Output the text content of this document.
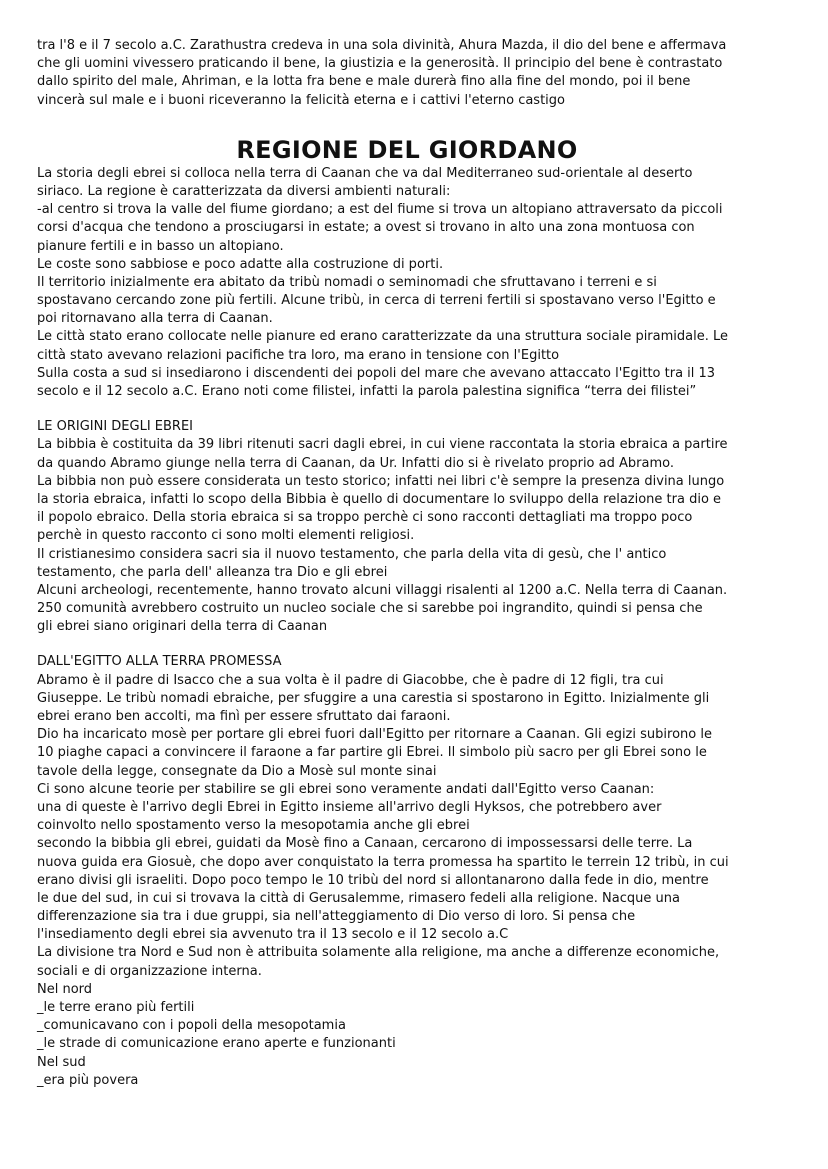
tra l'8 e il 7 secolo a.C. Zarathustra credeva in una sola divinità, Ahura Mazda, il dio del bene e affermava
che gli uomini vivessero praticando il bene, la giustizia e la generosità. Il principio del bene è contrastato
dallo spirito del male, Ahriman, e la lotta fra bene e male durerà fino alla fine del mondo, poi il bene
vincerà sul male e i buoni riceveranno la felicità eterna e i cattivi l'eterno castigo
REGIONE DEL GIORDANO
La storia degli ebrei si colloca nella terra di Caanan che va dal Mediterraneo sud-orientale al deserto
siriaco. La regione è caratterizzata da diversi ambienti naturali:
-al centro si trova la valle del fiume giordano; a est del fiume si trova un altopiano attraversato da piccoli
corsi d'acqua che tendono a prosciugarsi in estate; a ovest si trovano in alto una zona montuosa con
pianure fertili e in basso un altopiano.
Le coste sono sabbiose e poco adatte alla costruzione di porti.
Il territorio inizialmente era abitato da tribù nomadi o seminomadi che sfruttavano i terreni e si
spostavano cercando zone più fertili. Alcune tribù, in cerca di terreni fertili si spostavano verso l'Egitto e
poi ritornavano alla terra di Caanan.
Le città stato erano collocate nelle pianure ed erano caratterizzate da una struttura sociale piramidale. Le
città stato avevano relazioni pacifiche tra loro, ma erano in tensione con l'Egitto
Sulla costa a sud si insediarono i discendenti dei popoli del mare che avevano attaccato l'Egitto tra il 13
secolo e il 12 secolo a.C. Erano noti come filistei, infatti la parola palestina significa “terra dei filistei”
LE ORIGINI DEGLI EBREI
La bibbia è costituita da 39 libri ritenuti sacri dagli ebrei, in cui viene raccontata la storia ebraica a partire
da quando Abramo giunge nella terra di Caanan, da Ur. Infatti dio si è rivelato proprio ad Abramo.
La bibbia non può essere considerata un testo storico; infatti nei libri c'è sempre la presenza divina lungo
la storia ebraica, infatti lo scopo della Bibbia è quello di documentare lo sviluppo della relazione tra dio e
il popolo ebraico. Della storia ebraica si sa troppo perchè ci sono racconti dettagliati ma troppo poco
perchè in questo racconto ci sono molti elementi religiosi.
Il cristianesimo considera sacri sia il nuovo testamento, che parla della vita di gesù, che l' antico
testamento, che parla dell' alleanza tra Dio e gli ebrei
Alcuni archeologi, recentemente, hanno trovato alcuni villaggi risalenti al 1200 a.C. Nella terra di Caanan.
250 comunità avrebbero costruito un nucleo sociale che si sarebbe poi ingrandito, quindi si pensa che
gli ebrei siano originari della terra di Caanan
DALL'EGITTO ALLA TERRA PROMESSA
Abramo è il padre di Isacco che a sua volta è il padre di Giacobbe, che è padre di 12 figli, tra cui
Giuseppe. Le tribù nomadi ebraiche, per sfuggire a una carestia si spostarono in Egitto. Inizialmente gli
ebrei erano ben accolti, ma finì per essere sfruttato dai faraoni.
Dio ha incaricato mosè per portare gli ebrei fuori dall'Egitto per ritornare a Caanan. Gli egizi subirono le
10 piaghe capaci a convincere il faraone a far partire gli Ebrei. Il simbolo più sacro per gli Ebrei sono le
tavole della legge, consegnate da Dio a Mosè sul monte sinai
Ci sono alcune teorie per stabilire se gli ebrei sono veramente andati dall'Egitto verso Caanan:
una di queste è l'arrivo degli Ebrei in Egitto insieme all'arrivo degli Hyksos, che potrebbero aver
coinvolto nello spostamento verso la mesopotamia anche gli ebrei
secondo la bibbia gli ebrei, guidati da Mosè fino a Canaan, cercarono di impossessarsi delle terre. La
nuova guida era Giosuè, che dopo aver conquistato la terra promessa ha spartito le terrein 12 tribù, in cui
erano divisi gli israeliti. Dopo poco tempo le 10 tribù del nord si allontanarono dalla fede in dio, mentre
le due del sud, in cui si trovava la città di Gerusalemme, rimasero fedeli alla religione. Nacque una
differenzazione sia tra i due gruppi, sia nell'atteggiamento di Dio verso di loro. Si pensa che
l'insediamento degli ebrei sia avvenuto tra il 13 secolo e il 12 secolo a.C
La divisione tra Nord e Sud non è attribuita solamente alla religione, ma anche a differenze economiche,
sociali e di organizzazione interna.
Nel nord
_le terre erano più fertili
_comunicavano con i popoli della mesopotamia
_le strade di comunicazione erano aperte e funzionanti
Nel sud
_era più povera
